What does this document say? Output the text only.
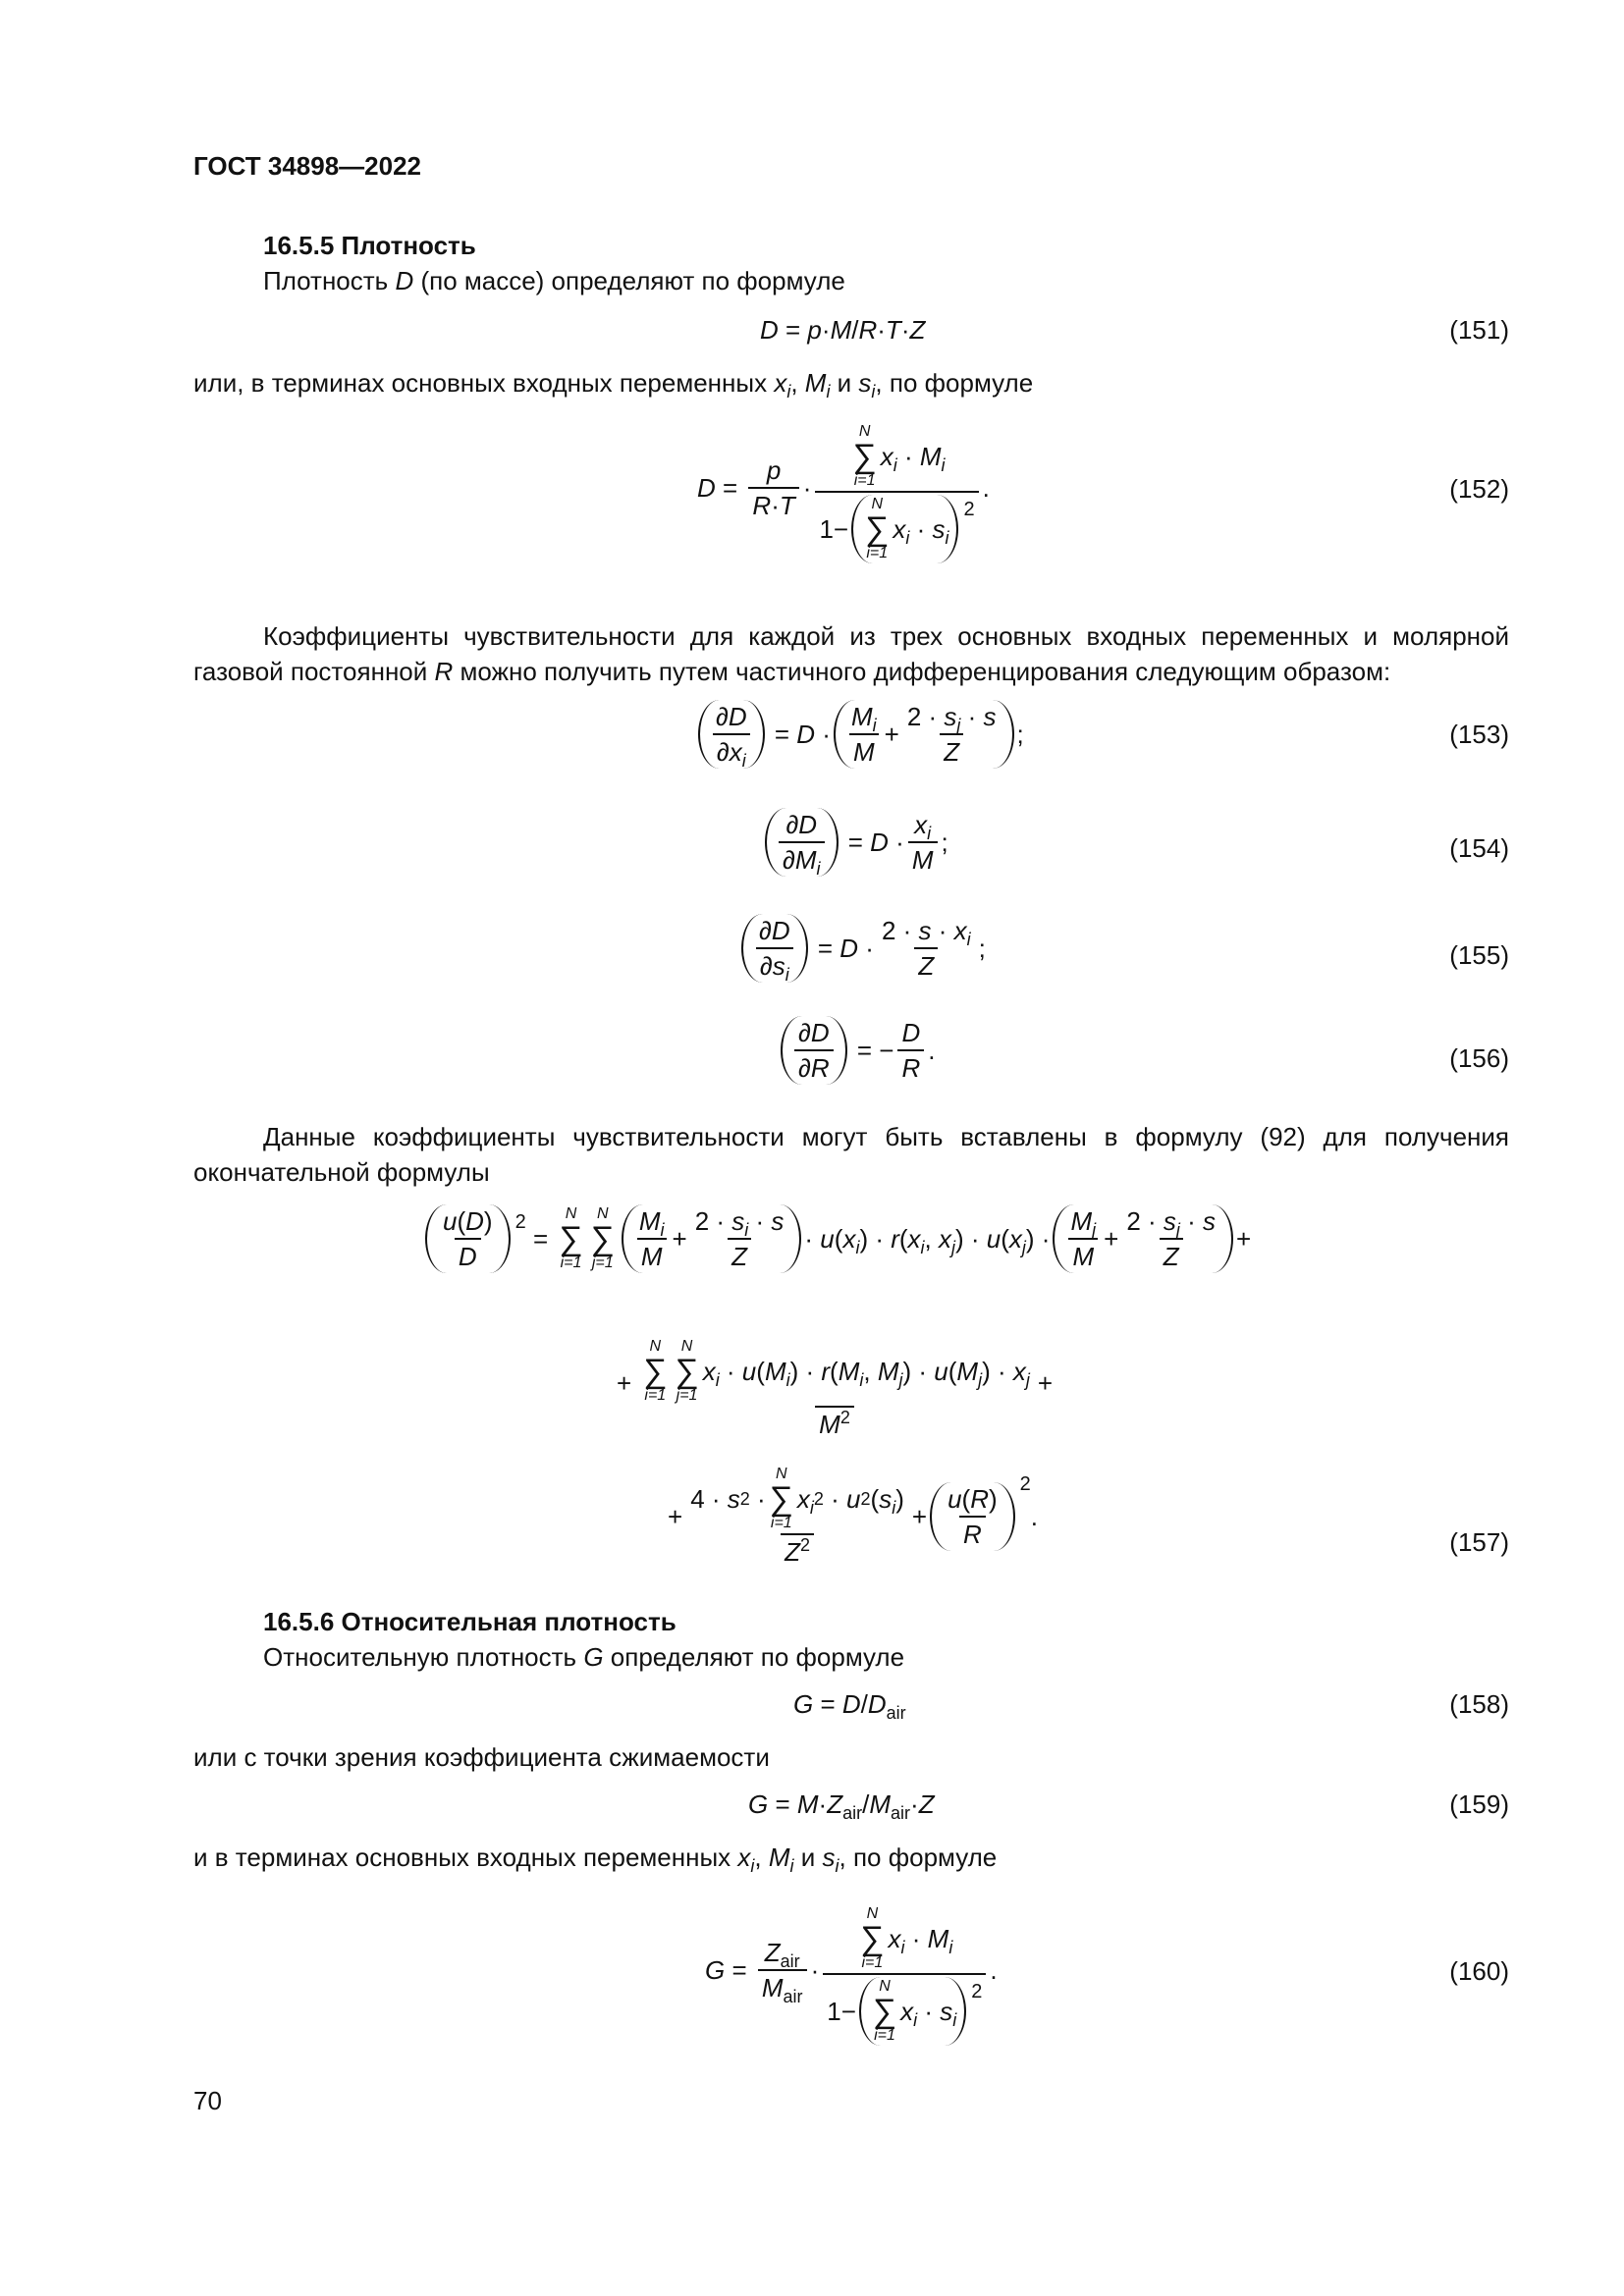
ГОСТ 34898—2022
16.5.5 Плотность
Плотность D (по массе) определяют по формуле
D = p·M/R·T·Z	(151)
или, в терминах основных входных переменных $x_i$, $M_i$ и $s_i$, по формуле
$D = \frac{p}{R\cdot T} \cdot N$
∑
i=1
$x_i \cdot M_i$
1−
N
∑
i=1
$x_i \cdot s_i$
2 .	(152)
Коэффициенты чувствительности для каждой из трех основных входных переменных и молярной
газовой постоянной R можно получить путем частичного дифференцирования следующим образом:
$\frac{\partial D}{\partial x_i} = D \cdot \frac{M_i}{M} + \frac{2 \cdot s_j \cdot s}{Z}$ ;	(153)
$\frac{\partial D}{\partial M_i} = D \cdot \frac{x_i}{M}$ ;	(154)
$\frac{\partial D}{\partial s_i} = D \cdot \frac{2 \cdot s \cdot x_i}{Z}$ ;	(155)
$\frac{\partial D}{\partial R}$ = − $\frac{D}{R}$ .	(156)
Данные коэффициенты чувствительности могут быть вставлены в формулу (92) для получения
окончательной формулы
$\frac{u(D)}{D} 2$
=
N
∑
i=1
N
∑
$j=1 \frac{M_i}{M} + \frac{2 \cdot s_i \cdot s}{Z} \cdot u$ ( $x_i$ ) · r ( $x_i$ , $x_j$ ) · u ( $x_j$ ) · $\frac{M_j}{M} + \frac{2 \cdot s_j \cdot s}{Z}$ +
+
N
∑
i=1
N
∑
j=1
$x_i \cdot u$ ( $M_i$ ) · r ( $M_i$ , $M_j$ ) · u ( $M_j$ ) · $x_j$
$M^2$
+
+ 4 · s 2 ·
N
∑
i=1
$x_i$ 2 · u 2 ( $s_i$ )
$Z^2 + \frac{u(R)}{R} 2$
.
(157)
16.5.6 Относительная плотность
Относительную плотность G определяют по формуле
$G = D/D_{air}$	(158)
или с точки зрения коэффициента сжимаемости
$G = M\cdot Z_{air}/M_{air}\cdot Z$	(159)
и в терминах основных входных переменных $x_i$, $M_i$ и $s_i$, по формуле
$G = \frac{Z_{air}}{M_{air}} \cdot N$
∑
i=1
$x_i \cdot M_i$
1−
N
∑
i=1
$x_i \cdot s_i$
2 .	(160)
70
